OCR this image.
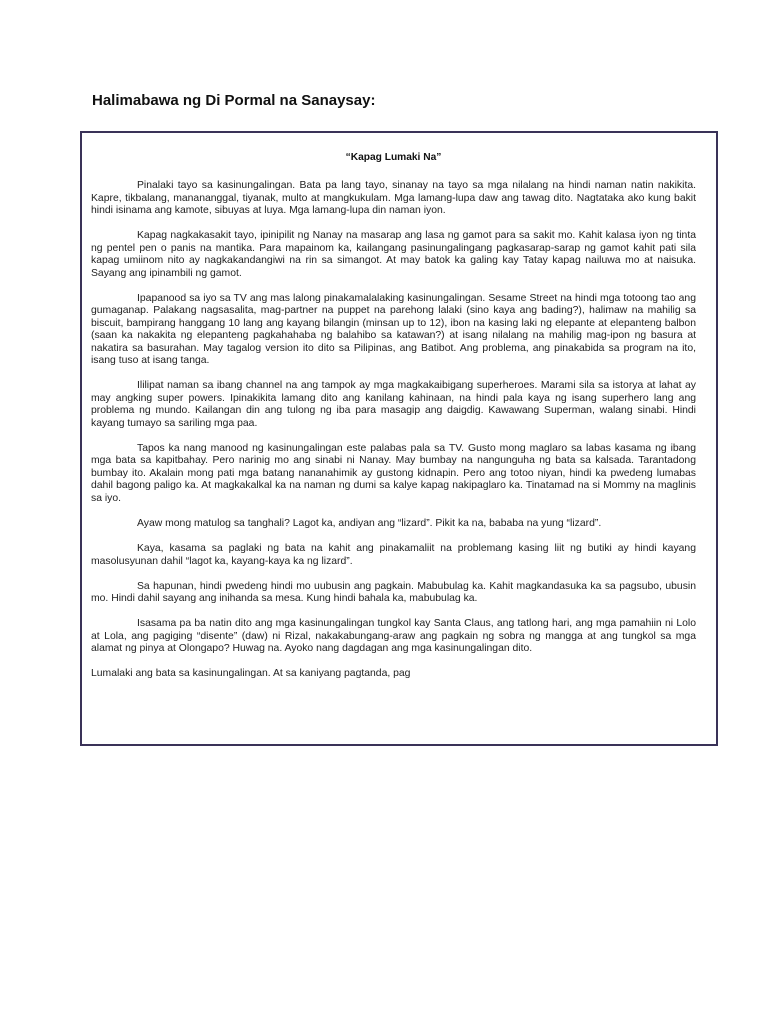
Halimabawa ng Di Pormal na Sanaysay:
“Kapag Lumaki Na”

Pinalaki tayo sa kasinungalingan. Bata pa lang tayo, sinanay na tayo sa mga nilalang na hindi naman natin nakikita. Kapre, tikbalang, manananggal, tiyanak, multo at mangkukulam. Mga lamang-lupa daw ang tawag dito. Nagtataka ako kung bakit hindi isinama ang kamote, sibuyas at luya. Mga lamang-lupa din naman iyon.

Kapag nagkakasakit tayo, ipinipilit ng Nanay na masarap ang lasa ng gamot para sa sakit mo. Kahit kalasa iyon ng tinta ng pentel pen o panis na mantika. Para mapainom ka, kailangang pasinungalingang pagkasarap-sarap ng gamot kahit pati sila kapag umiinom nito ay nagkakandangiwi na rin sa simangot. At may batok ka galing kay Tatay kapag nailuwa mo at naisuka. Sayang ang ipinambili ng gamot.

Ipapanood sa iyo sa TV ang mas lalong pinakamalalaking kasinungalingan. Sesame Street na hindi mga totoong tao ang gumaganap. Palakang nagsasalita, mag-partner na puppet na parehong lalaki (sino kaya ang bading?), halimaw na mahilig sa biscuit, bampirang hanggang 10 lang ang kayang bilangin (minsan up to 12), ibon na kasing laki ng elepante at elepanteng balbon (saan ka nakakita ng elepanteng pagkahahaba ng balahibo sa katawan?) at isang nilalang na mahilig mag-ipon ng basura at nakatira sa basurahan. May tagalog version ito dito sa Pilipinas, ang Batibot. Ang problema, ang pinakabida sa program na ito, isang tuso at isang tanga.

Ililipat naman sa ibang channel na ang tampok ay mga magkakaibigang superheroes. Marami sila sa istorya at lahat ay may angking super powers. Ipinakikita lamang dito ang kanilang kahinaan, na hindi pala kaya ng isang superhero lang ang problema ng mundo. Kailangan din ang tulong ng iba para masagip ang daigdig. Kawawang Superman, walang sinabi. Hindi kayang tumayo sa sariling mga paa.

Tapos ka nang manood ng kasinungalingan este palabas pala sa TV. Gusto mong maglaro sa labas kasama ng ibang mga bata sa kapitbahay. Pero narinig mo ang sinabi ni Nanay. May bumbay na nangunguha ng bata sa kalsada. Tarantadong bumbay ito. Akalain mong pati mga batang nananahimik ay gustong kidnapin. Pero ang totoo niyan, hindi ka pwedeng lumabas dahil bagong paligo ka. At magkakalkal ka na naman ng dumi sa kalye kapag nakipaglaro ka. Tinatamad na si Mommy na maglinis sa iyo.

Ayaw mong matulog sa tanghali? Lagot ka, andiyan ang “lizard”. Pikit ka na, bababa na yung “lizard”.

Kaya, kasama sa paglaki ng bata na kahit ang pinakamaliit na problemang kasing liit ng butiki ay hindi kayang masolusyunan dahil “lagot ka, kayang-kaya ka ng lizard”.

Sa hapunan, hindi pwedeng hindi mo uubusin ang pagkain. Mabubulag ka. Kahit magkandasuka ka sa pagsubo, ubusin mo. Hindi dahil sayang ang inihanda sa mesa. Kung hindi bahala ka, mabubulag ka.

Isasama pa ba natin dito ang mga kasinungalingan tungkol kay Santa Claus, ang tatlong hari, ang mga pamahiin ni Lolo at Lola, ang pagiging “disente” (daw) ni Rizal, nakakabungang-araw ang pagkain ng sobra ng mangga at ang tungkol sa mga alamat ng pinya at Olongapo? Huwag na. Ayoko nang dagdagan ang mga kasinungalingan dito.

Lumalaki ang bata sa kasinungalingan. At sa kaniyang pagtanda, pag
